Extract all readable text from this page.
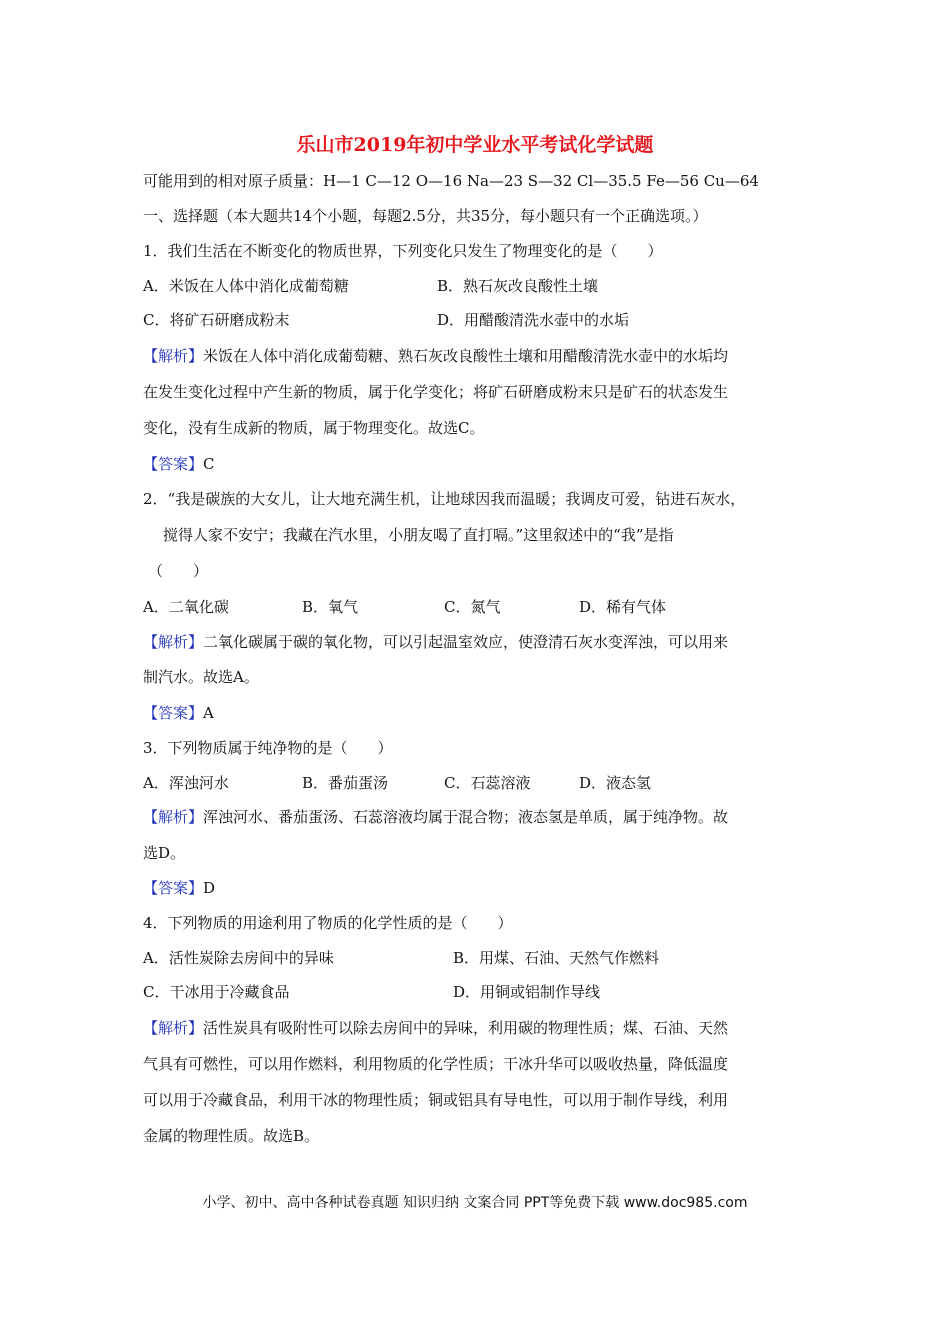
乐山市2019年初中学业水平考试化学试题
可能用到的相对原子质量：H—1 C—12 O—16 Na—23 S—32 Cl—35.5 Fe—56 Cu—64
一、选择题（本大题共14个小题，每题2.5分，共35分，每小题只有一个正确选项。）
1．我们生活在不断变化的物质世界，下列变化只发生了物理变化的是（　　）
A．米饭在人体中消化成葡萄糖	B．熟石灰改良酸性土壤
C．将矿石研磨成粉末	D．用醋酸清洗水壶中的水垢
【解析】米饭在人体中消化成葡萄糖、熟石灰改良酸性土壤和用醋酸清洗水壶中的水垢均
在发生变化过程中产生新的物质，属于化学变化；将矿石研磨成粉末只是矿石的状态发生
变化，没有生成新的物质，属于物理变化。故选C。
【答案】C
2．“我是碳族的大女儿，让大地充满生机，让地球因我而温暖；我调皮可爱，钻进石灰水，
搅得人家不安宁；我藏在汽水里，小朋友喝了直打嗝。”这里叙述中的“我”是指
（　　）
A．二氧化碳	B．氧气	C．氮气	D．稀有气体
【解析】二氧化碳属于碳的氧化物，可以引起温室效应，使澄清石灰水变浑浊，可以用来
制汽水。故选A。
【答案】A
3．下列物质属于纯净物的是（　　）
A．浑浊河水	B．番茄蛋汤	C．石蕊溶液	D．液态氢
【解析】浑浊河水、番茄蛋汤、石蕊溶液均属于混合物；液态氢是单质，属于纯净物。故
选D。
【答案】D
4．下列物质的用途利用了物质的化学性质的是（　　）
A．活性炭除去房间中的异味	B．用煤、石油、天然气作燃料
C．干冰用于冷藏食品	D．用铜或铝制作导线
【解析】活性炭具有吸附性可以除去房间中的异味，利用碳的物理性质；煤、石油、天然
气具有可燃性，可以用作燃料，利用物质的化学性质；干冰升华可以吸收热量，降低温度
可以用于冷藏食品，利用干冰的物理性质；铜或铝具有导电性，可以用于制作导线，利用
金属的物理性质。故选B。
小学、初中、高中各种试卷真题 知识归纳 文案合同 PPT等免费下载 www.doc985.com
